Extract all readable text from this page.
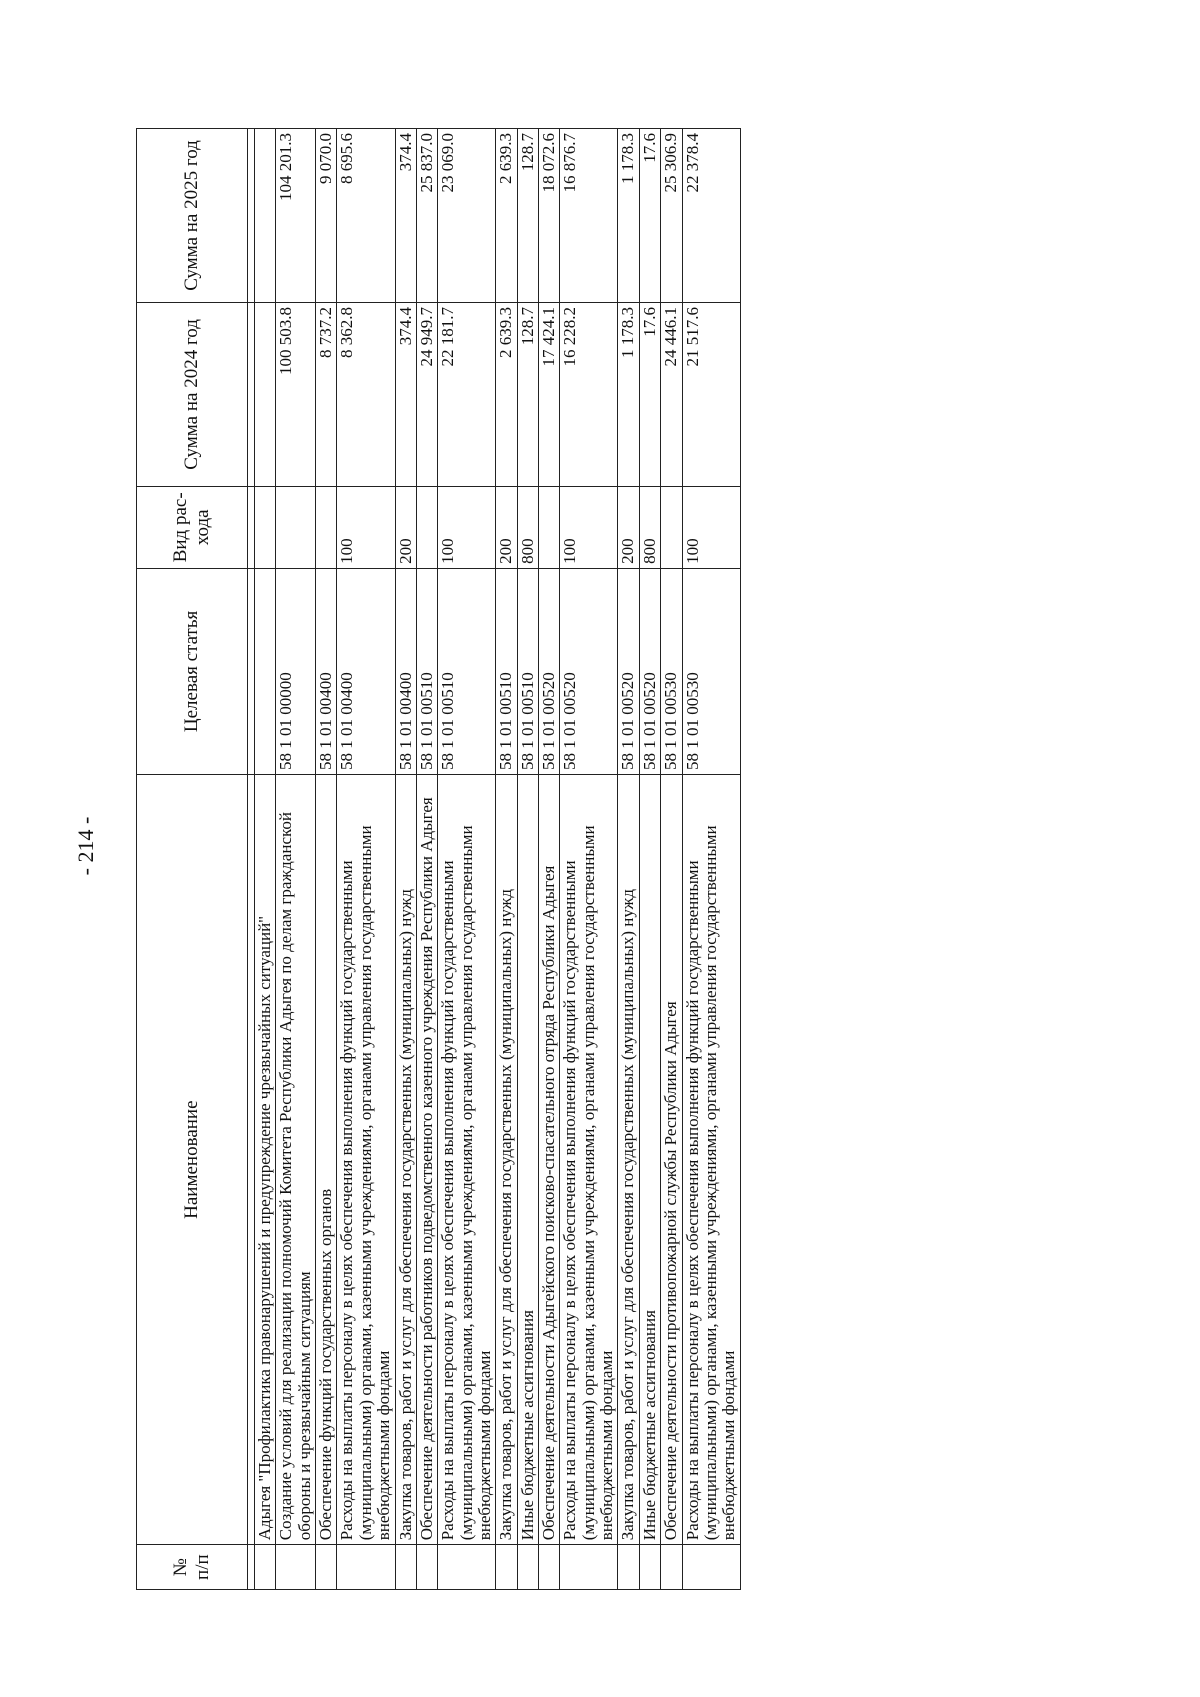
- 214 -
№ п/п	Наименование	Целевая статья	Вид рас-хода	Сумма на 2024 год	Сумма на 2025 год

	Адыгея "Профилактика правонарушений и предупреждение чрезвычайных ситуаций"				
	Создание условий для реализации полномочий Комитета Республики Адыгея по делам гражданской обороны и чрезвычайным ситуациям	58 1 01 00000		100 503.8	104 201.3
	Обеспечение функций государственных органов	58 1 01 00400		8 737.2	9 070.0
	Расходы на выплаты персоналу в целях обеспечения выполнения функций государственными (муниципальными) органами, казенными учреждениями, органами управления государственными внебюджетными фондами	58 1 01 00400	100	8 362.8	8 695.6
	Закупка товаров, работ и услуг для обеспечения государственных (муниципальных) нужд	58 1 01 00400	200	374.4	374.4
	Обеспечение деятельности работников подведомственного казенного учреждения Республики Адыгея	58 1 01 00510		24 949.7	25 837.0
	Расходы на выплаты персоналу в целях обеспечения выполнения функций государственными (муниципальными) органами, казенными учреждениями, органами управления государственными внебюджетными фондами	58 1 01 00510	100	22 181.7	23 069.0
	Закупка товаров, работ и услуг для обеспечения государственных (муниципальных) нужд	58 1 01 00510	200	2 639.3	2 639.3
	Иные бюджетные ассигнования	58 1 01 00510	800	128.7	128.7
	Обеспечение деятельности Адыгейского поисково-спасательного отряда Республики Адыгея	58 1 01 00520		17 424.1	18 072.6
	Расходы на выплаты персоналу в целях обеспечения выполнения функций государственными (муниципальными) органами, казенными учреждениями, органами управления государственными внебюджетными фондами	58 1 01 00520	100	16 228.2	16 876.7
	Закупка товаров, работ и услуг для обеспечения государственных (муниципальных) нужд	58 1 01 00520	200	1 178.3	1 178.3
	Иные бюджетные ассигнования	58 1 01 00520	800	17.6	17.6
	Обеспечение деятельности противопожарной службы Республики Адыгея	58 1 01 00530		24 446.1	25 306.9
	Расходы на выплаты персоналу в целях обеспечения выполнения функций государственными (муниципальными) органами, казенными учреждениями, органами управления государственными внебюджетными фондами	58 1 01 00530	100	21 517.6	22 378.4
